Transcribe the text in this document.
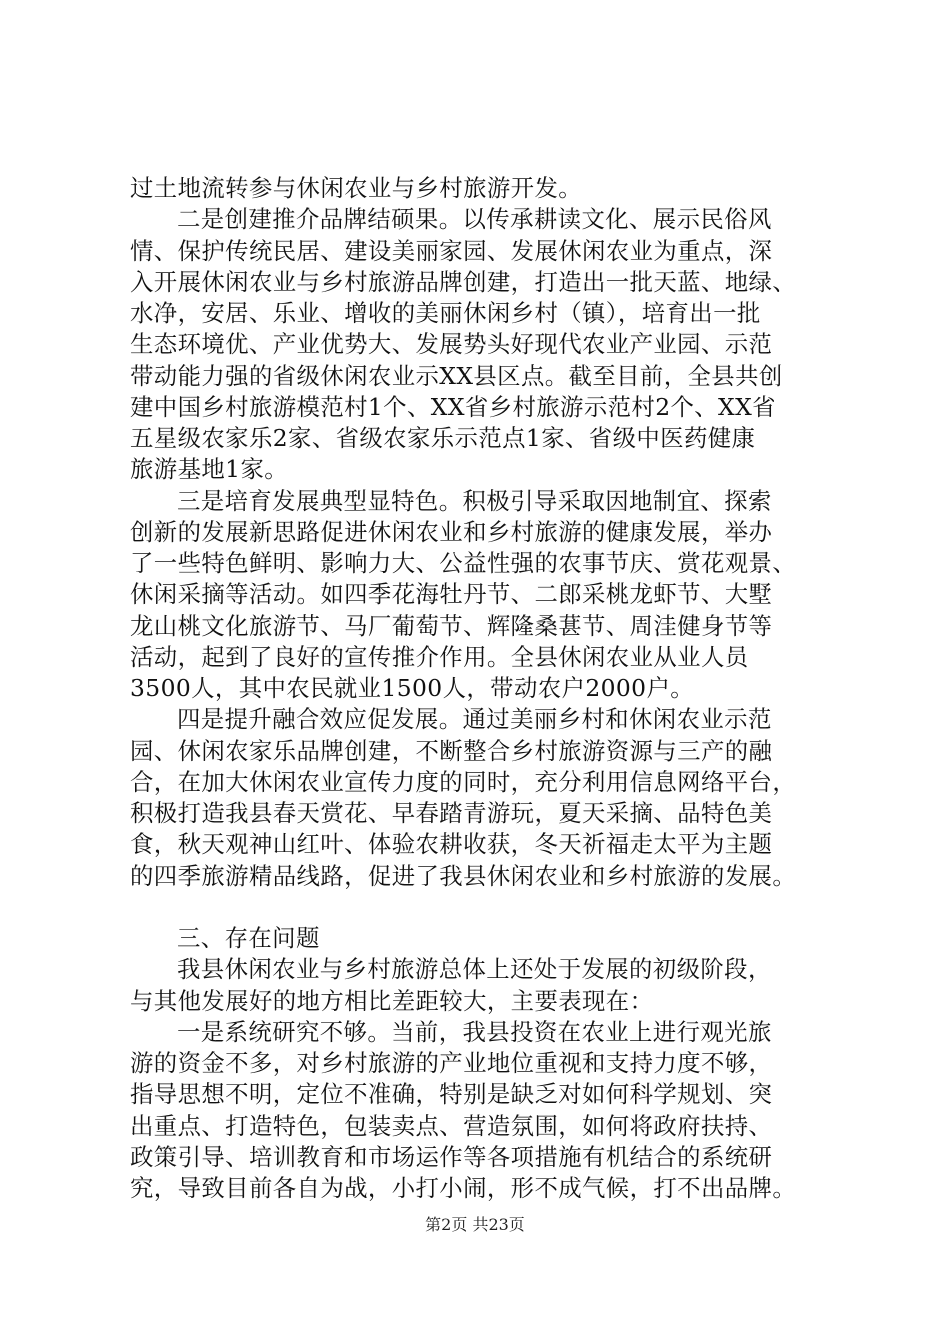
过土地流转参与休闲农业与乡村旅游开发。
二是创建推介品牌结硕果。以传承耕读文化、展示民俗风
情、保护传统民居、建设美丽家园、发展休闲农业为重点，深
入开展休闲农业与乡村旅游品牌创建，打造出一批天蓝、地绿、
水净，安居、乐业、增收的美丽休闲乡村（镇），培育出一批
生态环境优、产业优势大、发展势头好现代农业产业园、示范
带动能力强的省级休闲农业示XX县区点。截至目前，全县共创
建中国乡村旅游模范村1个、XX省乡村旅游示范村2个、XX省
五星级农家乐2家、省级农家乐示范点1家、省级中医药健康
旅游基地1家。
三是培育发展典型显特色。积极引导采取因地制宜、探索
创新的发展新思路促进休闲农业和乡村旅游的健康发展，举办
了一些特色鲜明、影响力大、公益性强的农事节庆、赏花观景、
休闲采摘等活动。如四季花海牡丹节、二郎采桃龙虾节、大墅
龙山桃文化旅游节、马厂葡萄节、辉隆桑葚节、周洼健身节等
活动，起到了良好的宣传推介作用。全县休闲农业从业人员
3500人，其中农民就业1500人，带动农户2000户。
四是提升融合效应促发展。通过美丽乡村和休闲农业示范
园、休闲农家乐品牌创建，不断整合乡村旅游资源与三产的融
合，在加大休闲农业宣传力度的同时，充分利用信息网络平台，
积极打造我县春天赏花、早春踏青游玩，夏天采摘、品特色美
食，秋天观神山红叶、体验农耕收获，冬天祈福走太平为主题
的四季旅游精品线路，促进了我县休闲农业和乡村旅游的发展。
三、存在问题
我县休闲农业与乡村旅游总体上还处于发展的初级阶段，
与其他发展好的地方相比差距较大，主要表现在：
一是系统研究不够。当前，我县投资在农业上进行观光旅
游的资金不多，对乡村旅游的产业地位重视和支持力度不够，
指导思想不明，定位不准确，特别是缺乏对如何科学规划、突
出重点、打造特色，包装卖点、营造氛围，如何将政府扶持、
政策引导、培训教育和市场运作等各项措施有机结合的系统研
究，导致目前各自为战，小打小闹，形不成气候，打不出品牌。
第2页 共23页
